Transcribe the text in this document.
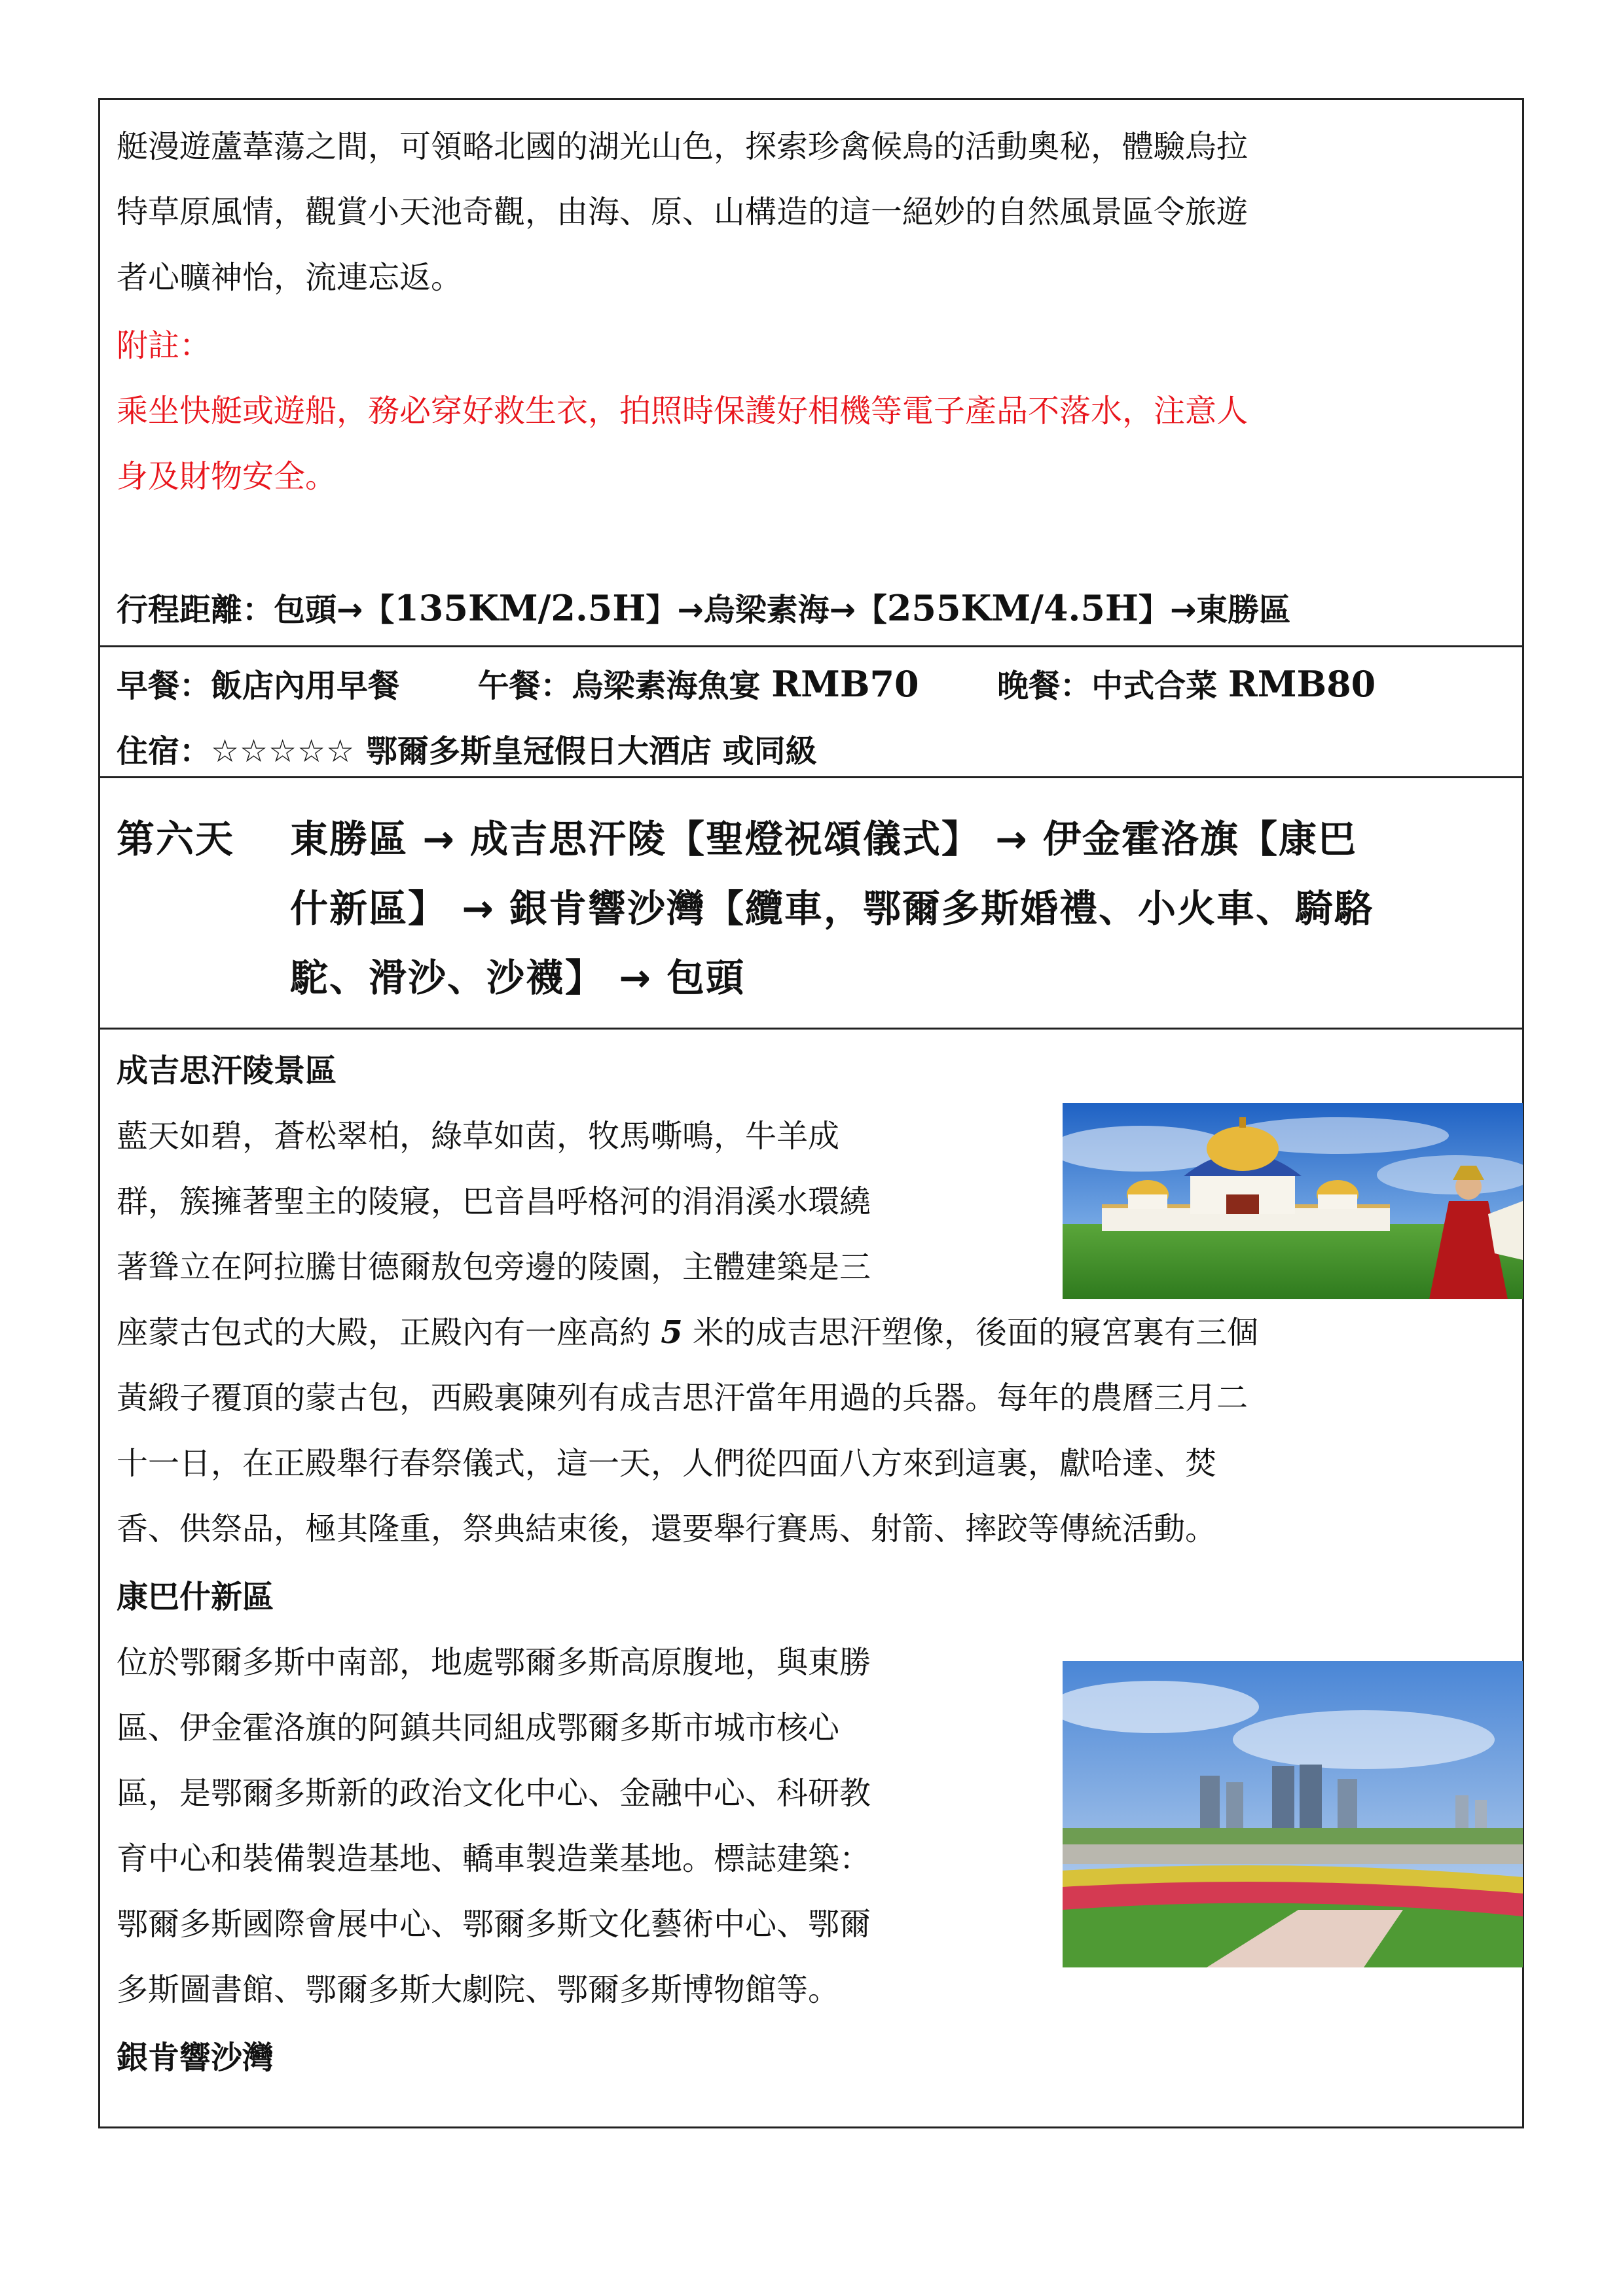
艇漫遊蘆葦蕩之間，可領略北國的湖光山色，探索珍禽候鳥的活動奧秘，體驗烏拉
特草原風情，觀賞小天池奇觀，由海、原、山構造的這一絕妙的自然風景區令旅遊
者心曠神怡，流連忘返。
附註：
乘坐快艇或遊船，務必穿好救生衣，拍照時保護好相機等電子產品不落水，注意人
身及財物安全。
行程距離：包頭→【135KM/2.5H】→烏梁素海→【255KM/4.5H】→東勝區
早餐：飯店內用早餐 午餐：烏梁素海魚宴 RMB70 晚餐：中式合菜 RMB80
住宿：☆☆☆☆☆ 鄂爾多斯皇冠假日大酒店 或同級
第六天 東勝區 → 成吉思汗陵【聖燈祝頌儀式】 → 伊金霍洛旗【康巴
什新區】 → 銀肯響沙灣【纜車，鄂爾多斯婚禮、小火車、騎駱
駝、滑沙、沙襪】 → 包頭
成吉思汗陵景區
藍天如碧，蒼松翠柏，綠草如茵，牧馬嘶鳴，牛羊成
群，簇擁著聖主的陵寢，巴音昌呼格河的涓涓溪水環繞
著聳立在阿拉騰甘德爾敖包旁邊的陵園，主體建築是三
座蒙古包式的大殿，正殿內有一座高約 5 米的成吉思汗塑像，後面的寢宮裏有三個
黃緞子覆頂的蒙古包，西殿裏陳列有成吉思汗當年用過的兵器。每年的農曆三月二
十一日，在正殿舉行春祭儀式，這一天，人們從四面八方來到這裏，獻哈達、焚
香、供祭品，極其隆重，祭典結束後，還要舉行賽馬、射箭、摔跤等傳統活動。
康巴什新區
位於鄂爾多斯中南部，地處鄂爾多斯高原腹地，與東勝
區、伊金霍洛旗的阿鎮共同組成鄂爾多斯市城市核心
區，是鄂爾多斯新的政治文化中心、金融中心、科研教
育中心和裝備製造基地、轎車製造業基地。標誌建築：
鄂爾多斯國際會展中心、鄂爾多斯文化藝術中心、鄂爾
多斯圖書館、鄂爾多斯大劇院、鄂爾多斯博物館等。
銀肯響沙灣
